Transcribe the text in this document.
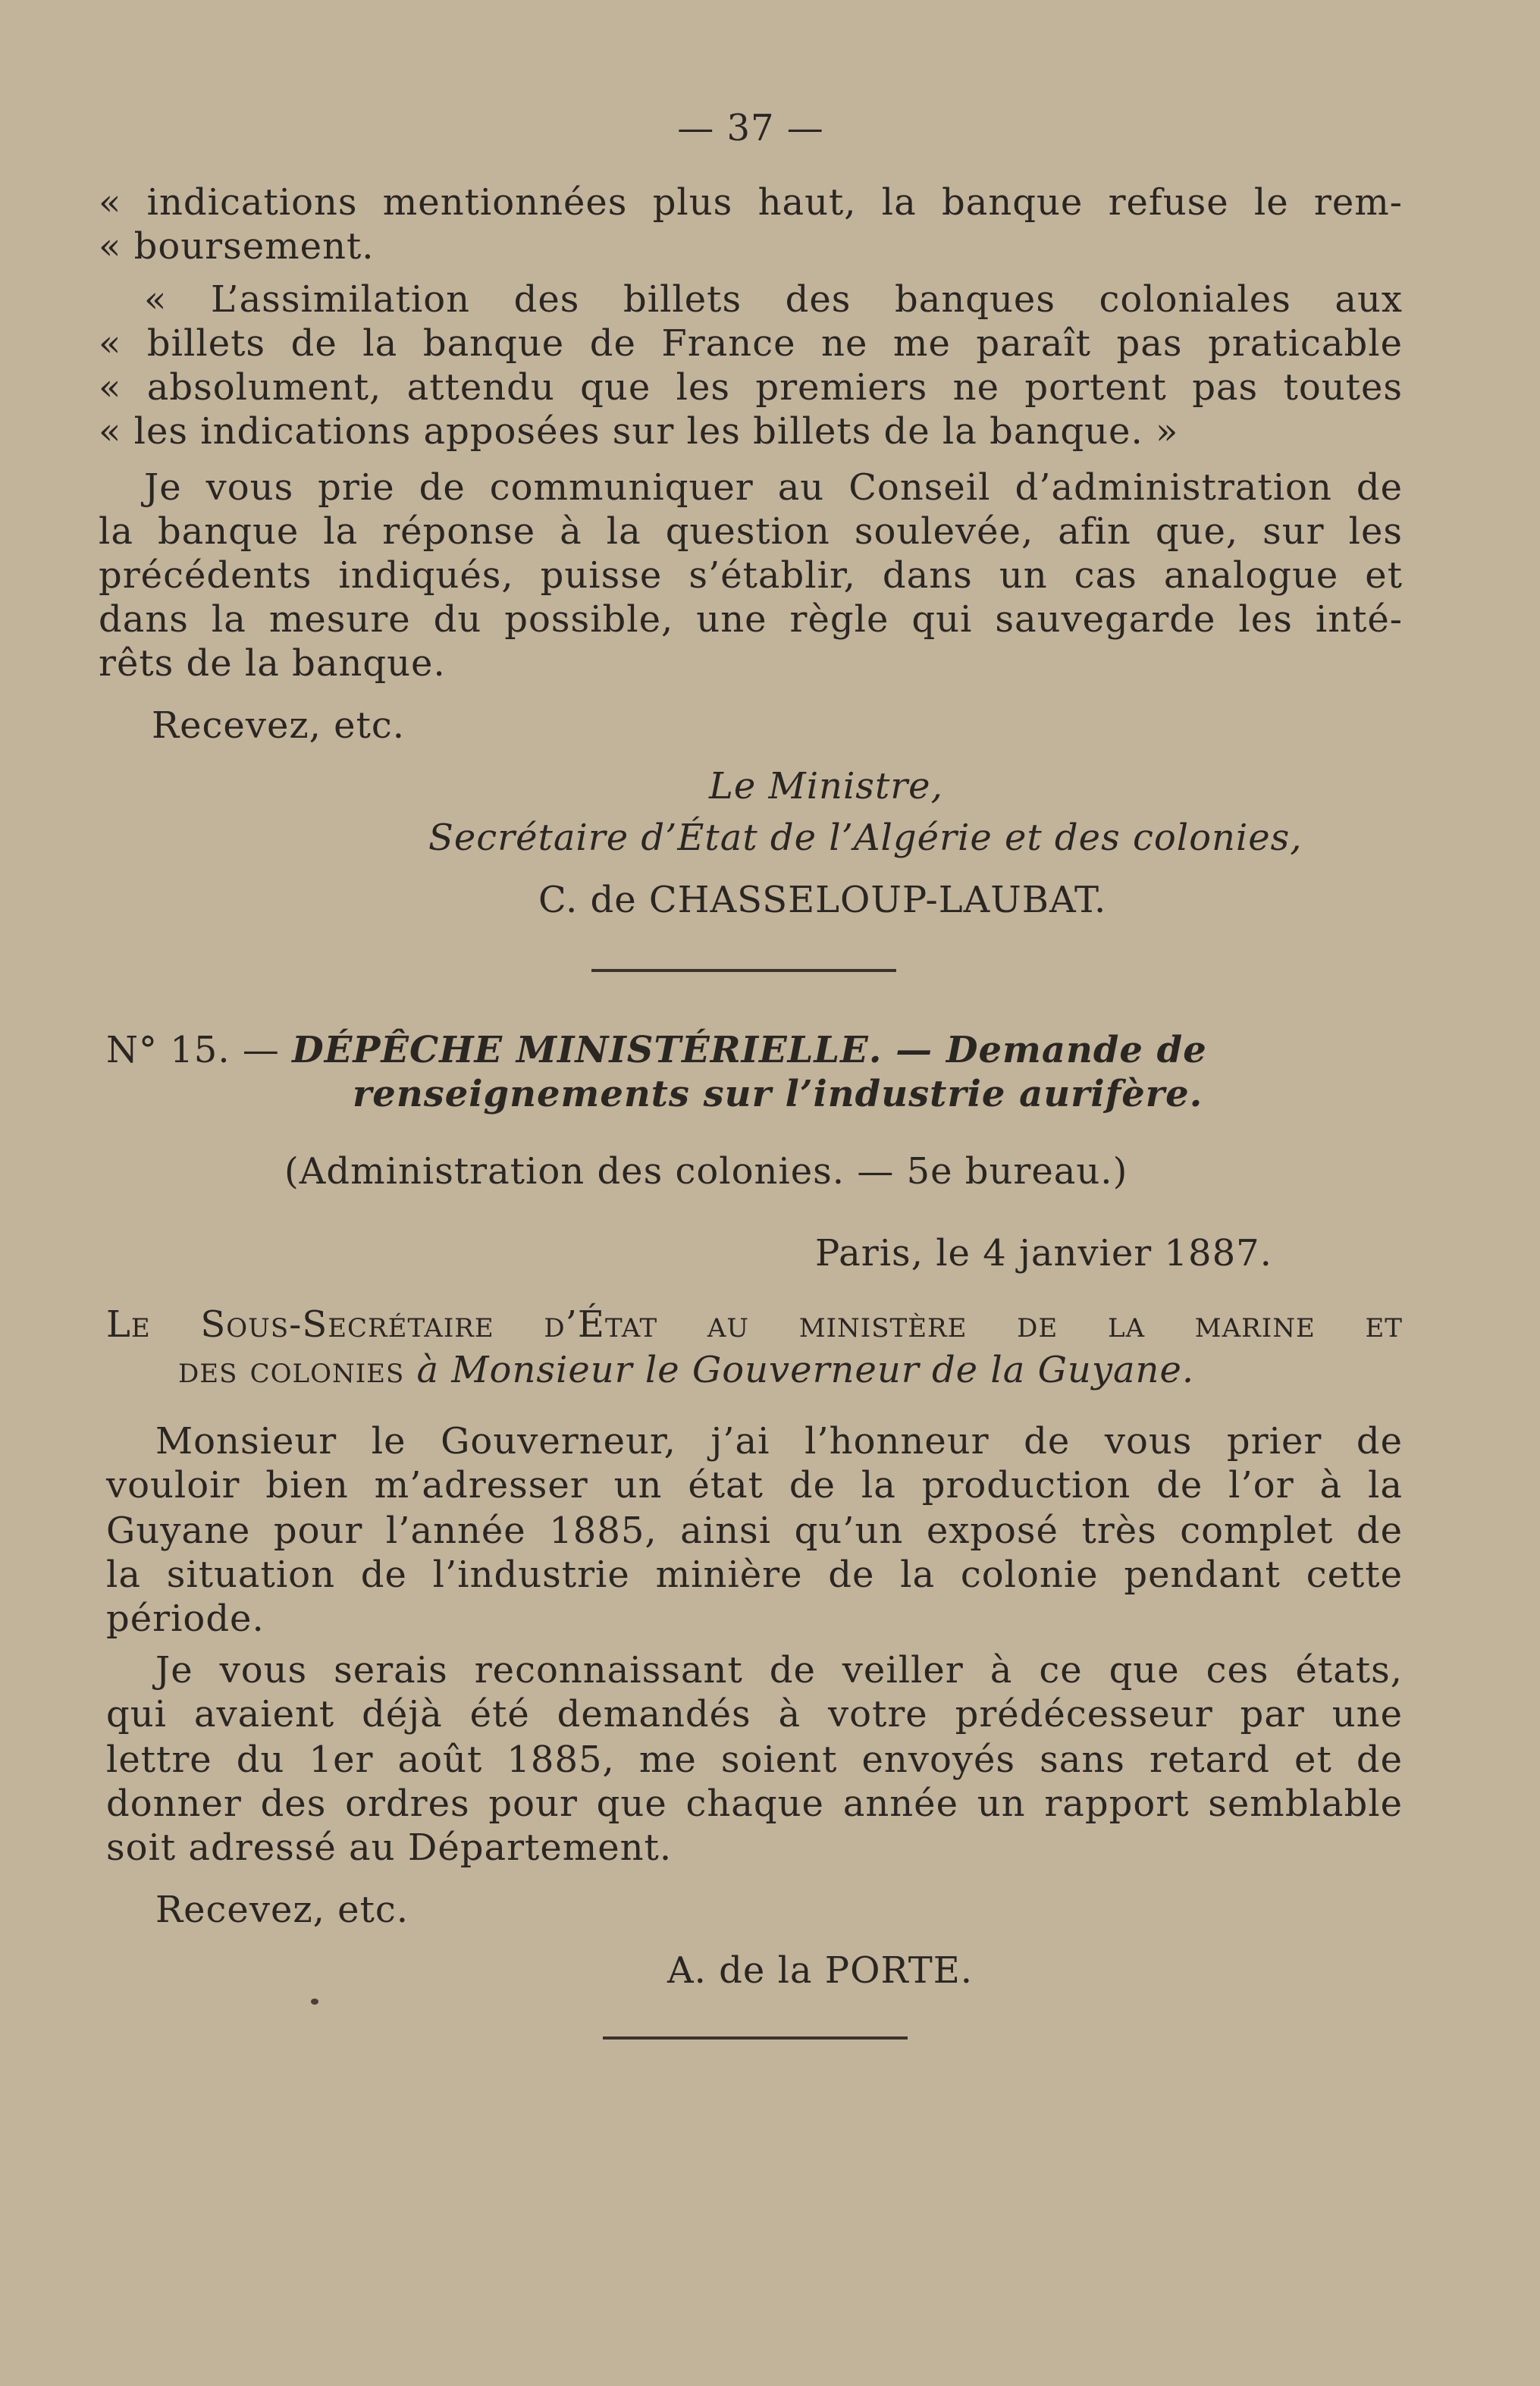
— 37 —
« indications mentionnées plus haut, la banque refuse le rem-
« boursement.
« L’assimilation des billets des banques coloniales aux
« billets de la banque de France ne me paraît pas praticable
« absolument, attendu que les premiers ne portent pas toutes
« les indications apposées sur les billets de la banque. »
Je vous prie de communiquer au Conseil d’administration de
la banque la réponse à la question soulevée, afin que, sur les
précédents indiqués, puisse s’établir, dans un cas analogue et
dans la mesure du possible, une règle qui sauvegarde les inté-
rêts de la banque.
Recevez, etc.
Le Ministre,
Secrétaire d’État de l’Algérie et des colonies,
C. de CHASSELOUP-LAUBAT.
N° 15. — DÉPÊCHE MINISTÉRIELLE. — Demande de
renseignements sur l’industrie aurifère.
(Administration des colonies. — 5e bureau.)
Paris, le 4 janvier 1887.
Le Sous-Secrétaire d’État au ministère de la marine et
des colonies à Monsieur le Gouverneur de la Guyane.
Monsieur le Gouverneur, j’ai l’honneur de vous prier de
vouloir bien m’adresser un état de la production de l’or à la
Guyane pour l’année 1885, ainsi qu’un exposé très complet de
la situation de l’industrie minière de la colonie pendant cette
période.
Je vous serais reconnaissant de veiller à ce que ces états,
qui avaient déjà été demandés à votre prédécesseur par une
lettre du 1er août 1885, me soient envoyés sans retard et de
donner des ordres pour que chaque année un rapport semblable
soit adressé au Département.
Recevez, etc.
A. de la PORTE.
